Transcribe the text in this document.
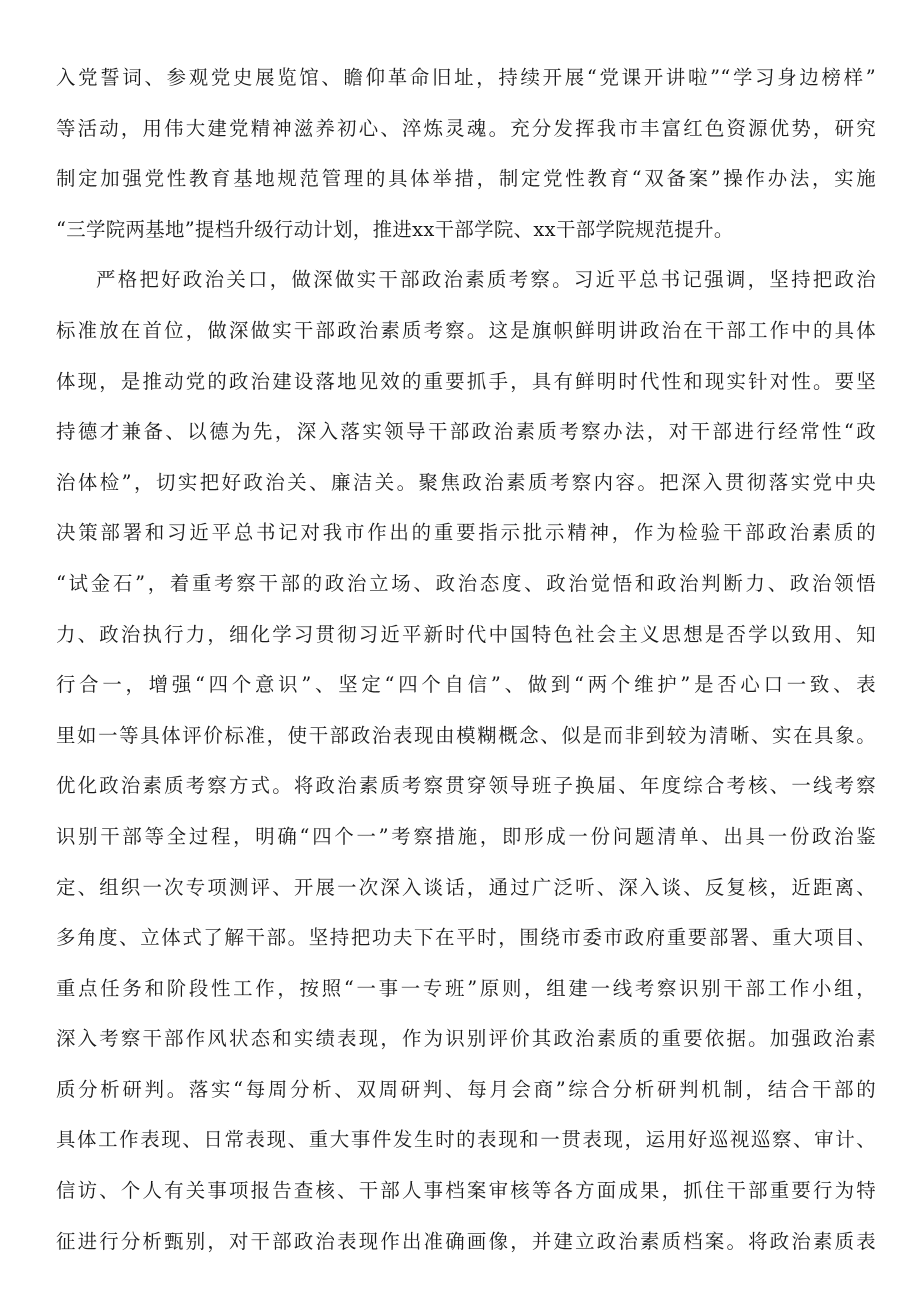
入党誓词、参观党史展览馆、瞻仰革命旧址，持续开展“党课开讲啦”“学习身边榜样”
等活动，用伟大建党精神滋养初心、淬炼灵魂。充分发挥我市丰富红色资源优势，研究
制定加强党性教育基地规范管理的具体举措，制定党性教育“双备案”操作办法，实施
“三学院两基地”提档升级行动计划，推进xx干部学院、xx干部学院规范提升。
严格把好政治关口，做深做实干部政治素质考察。习近平总书记强调，坚持把政治
标准放在首位，做深做实干部政治素质考察。这是旗帜鲜明讲政治在干部工作中的具体
体现，是推动党的政治建设落地见效的重要抓手，具有鲜明时代性和现实针对性。要坚
持德才兼备、以德为先，深入落实领导干部政治素质考察办法，对干部进行经常性“政
治体检”，切实把好政治关、廉洁关。聚焦政治素质考察内容。把深入贯彻落实党中央
决策部署和习近平总书记对我市作出的重要指示批示精神，作为检验干部政治素质的
“试金石”，着重考察干部的政治立场、政治态度、政治觉悟和政治判断力、政治领悟
力、政治执行力，细化学习贯彻习近平新时代中国特色社会主义思想是否学以致用、知
行合一，增强“四个意识”、坚定“四个自信”、做到“两个维护”是否心口一致、表
里如一等具体评价标准，使干部政治表现由模糊概念、似是而非到较为清晰、实在具象。
优化政治素质考察方式。将政治素质考察贯穿领导班子换届、年度综合考核、一线考察
识别干部等全过程，明确“四个一”考察措施，即形成一份问题清单、出具一份政治鉴
定、组织一次专项测评、开展一次深入谈话，通过广泛听、深入谈、反复核，近距离、
多角度、立体式了解干部。坚持把功夫下在平时，围绕市委市政府重要部署、重大项目、
重点任务和阶段性工作，按照“一事一专班”原则，组建一线考察识别干部工作小组，
深入考察干部作风状态和实绩表现，作为识别评价其政治素质的重要依据。加强政治素
质分析研判。落实“每周分析、双周研判、每月会商”综合分析研判机制，结合干部的
具体工作表现、日常表现、重大事件发生时的表现和一贯表现，运用好巡视巡察、审计、
信访、个人有关事项报告查核、干部人事档案审核等各方面成果，抓住干部重要行为特
征进行分析甄别，对干部政治表现作出准确画像，并建立政治素质档案。将政治素质表
